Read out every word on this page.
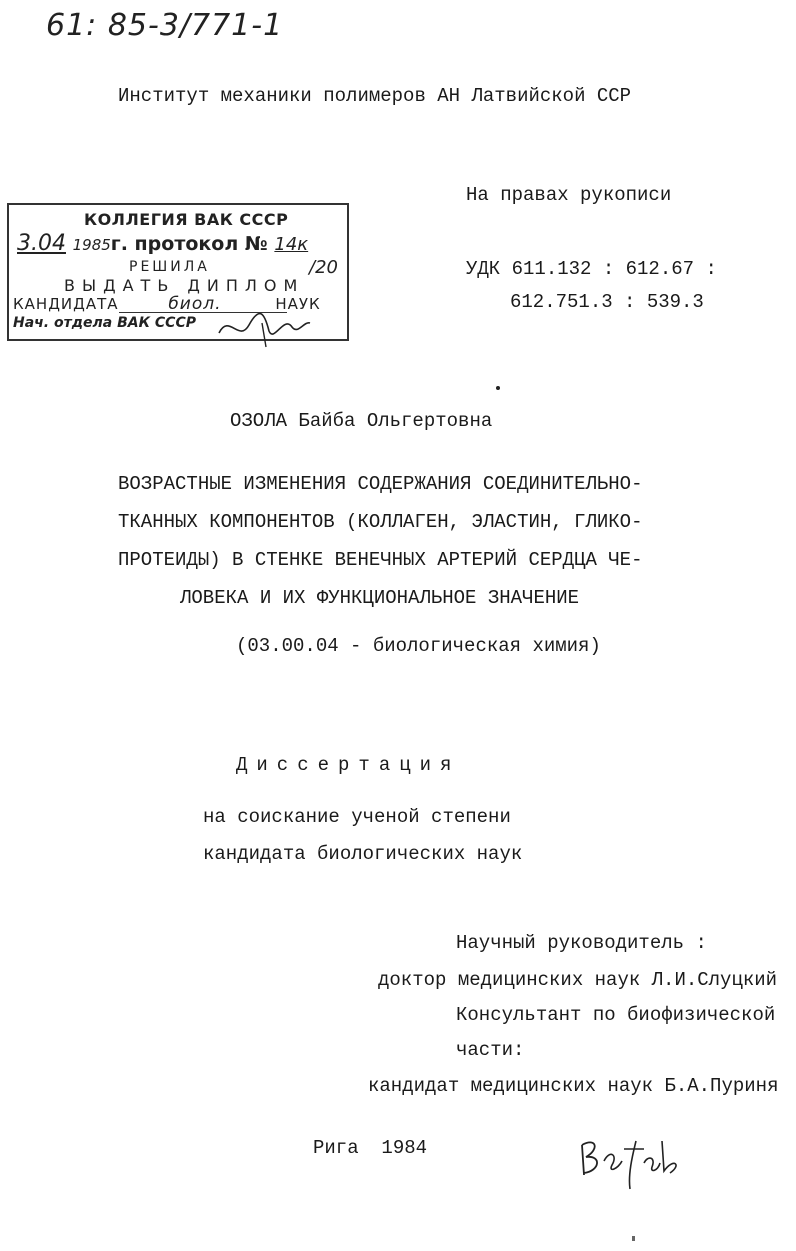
61: 85-3/771-1
Институт механики полимеров АН Латвийской ССР
На правах рукописи
УДК 611.132 : 612.67 :
612.751.3 : 539.3
КОЛЛЕГИЯ ВАК СССР
3.04 1985г. протокол № 14к
/20
РЕШИЛА
ВЫДАТЬ ДИПЛОМ
КАНДИДАТА	биол.	НАУК
Нач. отдела ВАК СССР
ОЗОЛА Байба Ольгертовна
ВОЗРАСТНЫЕ ИЗМЕНЕНИЯ СОДЕРЖАНИЯ СОЕДИНИТЕЛЬНО-
ТКАННЫХ КОМПОНЕНТОВ (КОЛЛАГЕН, ЭЛАСТИН, ГЛИКО-
ПРОТЕИДЫ) В СТЕНКЕ ВЕНЕЧНЫХ АРТЕРИЙ СЕРДЦА ЧЕ-
ЛОВЕКА И ИХ ФУНКЦИОНАЛЬНОЕ ЗНАЧЕНИЕ
(03.00.04 - биологическая химия)
Диссертация
на соискание ученой степени
кандидата биологических наук
Научный руководитель :
доктор медицинских наук Л.И.Слуцкий
Консультант по биофизической
части:
кандидат медицинских наук Б.А.Пуриня
Рига  1984
